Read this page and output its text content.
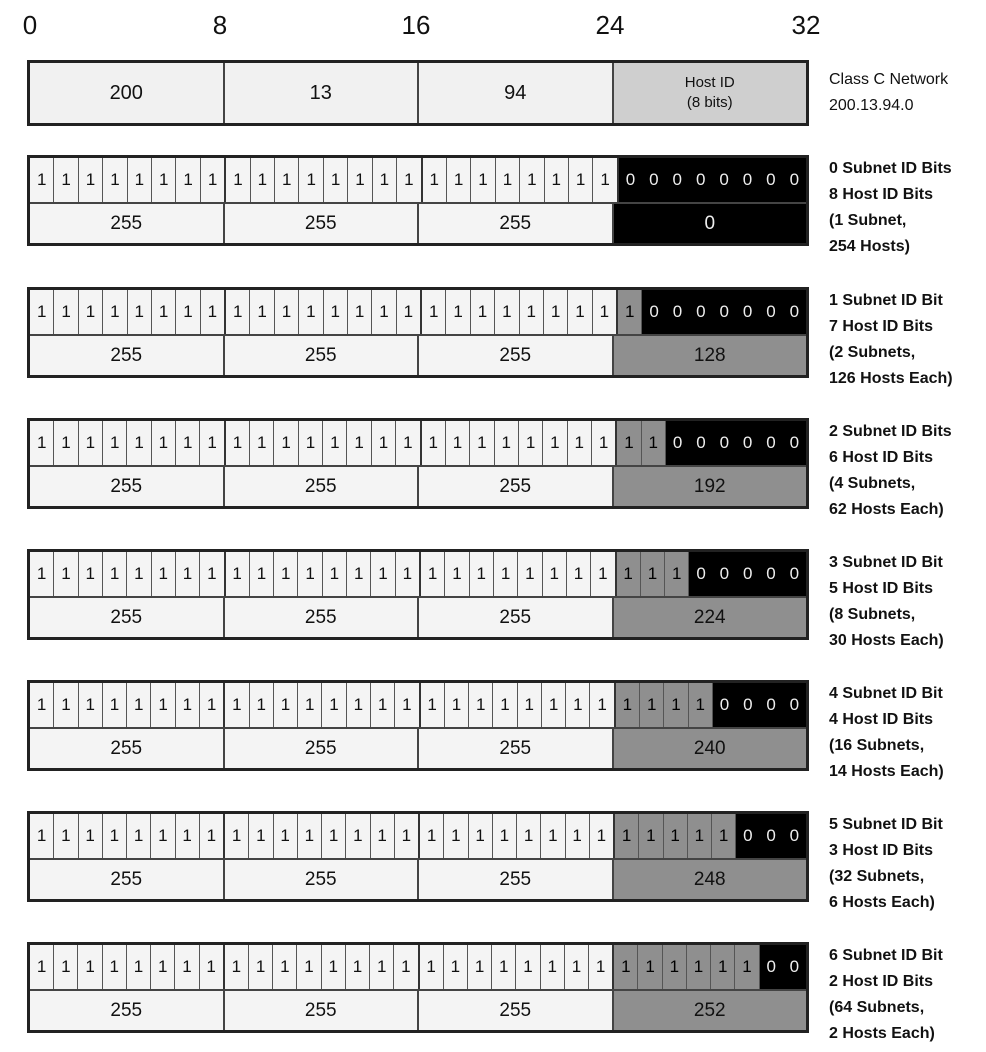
0	8	16	24	32
200	13	94	Host ID
(8 bits)
Class C Network
200.13.94.0
1 1 1 1 1 1 1 1 1 1 1 1 1 1 1 1 1 1 1 1 1 1 1 1 0 0 0 0 0 0 0 0
255	255	255	0
0 Subnet ID Bits
8 Host ID Bits
(1 Subnet,
254 Hosts)
1 1 1 1 1 1 1 1 1 1 1 1 1 1 1 1 1 1 1 1 1 1 1 1 1 0 0 0 0 0 0 0
255	255	255	128
1 Subnet ID Bit
7 Host ID Bits
(2 Subnets,
126 Hosts Each)
1 1 1 1 1 1 1 1 1 1 1 1 1 1 1 1 1 1 1 1 1 1 1 1 1 1 0 0 0 0 0 0
255	255	255	192
2 Subnet ID Bits
6 Host ID Bits
(4 Subnets,
62 Hosts Each)
1 1 1 1 1 1 1 1 1 1 1 1 1 1 1 1 1 1 1 1 1 1 1 1 1 1 1 0 0 0 0 0
255	255	255	224
3 Subnet ID Bit
5 Host ID Bits
(8 Subnets,
30 Hosts Each)
1 1 1 1 1 1 1 1 1 1 1 1 1 1 1 1 1 1 1 1 1 1 1 1 1 1 1 1 0 0 0 0
255	255	255	240
4 Subnet ID Bit
4 Host ID Bits
(16 Subnets,
14 Hosts Each)
1 1 1 1 1 1 1 1 1 1 1 1 1 1 1 1 1 1 1 1 1 1 1 1 1 1 1 1 1 0 0 0
255	255	255	248
5 Subnet ID Bit
3 Host ID Bits
(32 Subnets,
6 Hosts Each)
1 1 1 1 1 1 1 1 1 1 1 1 1 1 1 1 1 1 1 1 1 1 1 1 1 1 1 1 1 1 0 0
255	255	255	252
6 Subnet ID Bit
2 Host ID Bits
(64 Subnets,
2 Hosts Each)
